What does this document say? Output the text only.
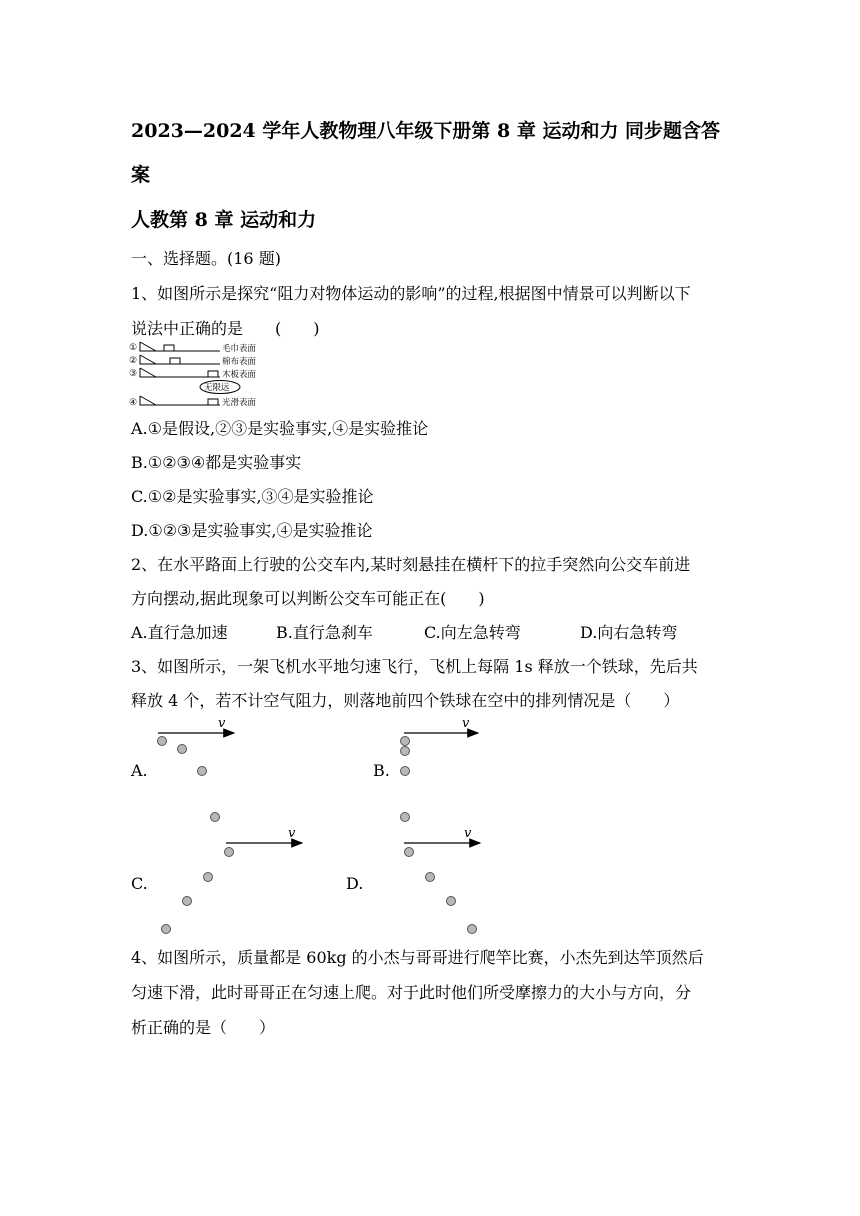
2023—2024 学年人教物理八年级下册第 8 章 运动和力 同步题含答
案
人教第 8 章 运动和力
一、选择题。(16 题)
1、如图所示是探究“阻力对物体运动的影响”的过程,根据图中情景可以判断以下
说法中正确的是　　(　　)
①	毛巾表面
②	棉布表面
③	木板表面
无限远
④	光滑表面
A.①是假设,②③是实验事实,④是实验推论
B.①②③④都是实验事实
C.①②是实验事实,③④是实验推论
D.①②③是实验事实,④是实验推论
2、在水平路面上行驶的公交车内,某时刻悬挂在横杆下的拉手突然向公交车前进
方向摆动,据此现象可以判断公交车可能正在(　　)
A.直行急加速	B.直行急刹车	C.向左急转弯	D.向右急转弯
3、如图所示，一架飞机水平地匀速飞行，飞机上每隔 1s 释放一个铁球，先后共
释放 4 个，若不计空气阻力，则落地前四个铁球在空中的排列情况是（　　）
A.	B.
C.	D.
v	v
v	v
4、如图所示，质量都是 60kg 的小杰与哥哥进行爬竿比赛，小杰先到达竿顶然后
匀速下滑，此时哥哥正在匀速上爬。对于此时他们所受摩擦力的大小与方向，分
析正确的是（　　）
